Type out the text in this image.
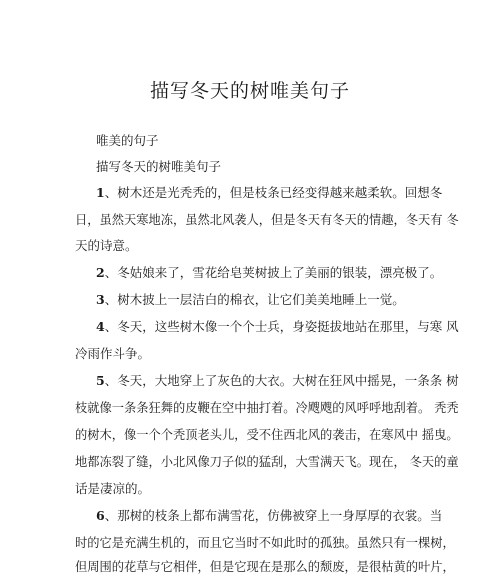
描写冬天的树唯美句子
唯美的句子
描写冬天的树唯美句子
1、树木还是光秃秃的，但是枝条已经变得越来越柔软。回想冬
日，虽然天寒地冻，虽然北风袭人，但是冬天有冬天的情趣，冬天有 冬
天的诗意。
2、冬姑娘来了，雪花给皂荚树披上了美丽的银装，漂亮极了。
3、树木披上一层洁白的棉衣，让它们美美地睡上一觉。
4、冬天，这些树木像一个个士兵，身姿挺拔地站在那里，与寒 风
冷雨作斗争。
5、冬天，大地穿上了灰色的大衣。大树在狂风中摇晃，一条条 树
枝就像一条条狂舞的皮鞭在空中抽打着。冷飕飕的风呼呼地刮着。 秃秃
的树木，像一个个秃顶老头儿，受不住西北风的袭击，在寒风中 摇曳。
地都冻裂了缝，小北风像刀子似的猛刮，大雪满天飞。现在， 冬天的童
话是凄凉的。
6、那树的枝条上都布满雪花，仿佛被穿上一身厚厚的衣裳。当
时的它是充满生机的，而且它当时不如此时的孤独。虽然只有一棵树，
但周围的花草与它相伴，但是它现在是那么的颓废，是很枯黄的叶片，
